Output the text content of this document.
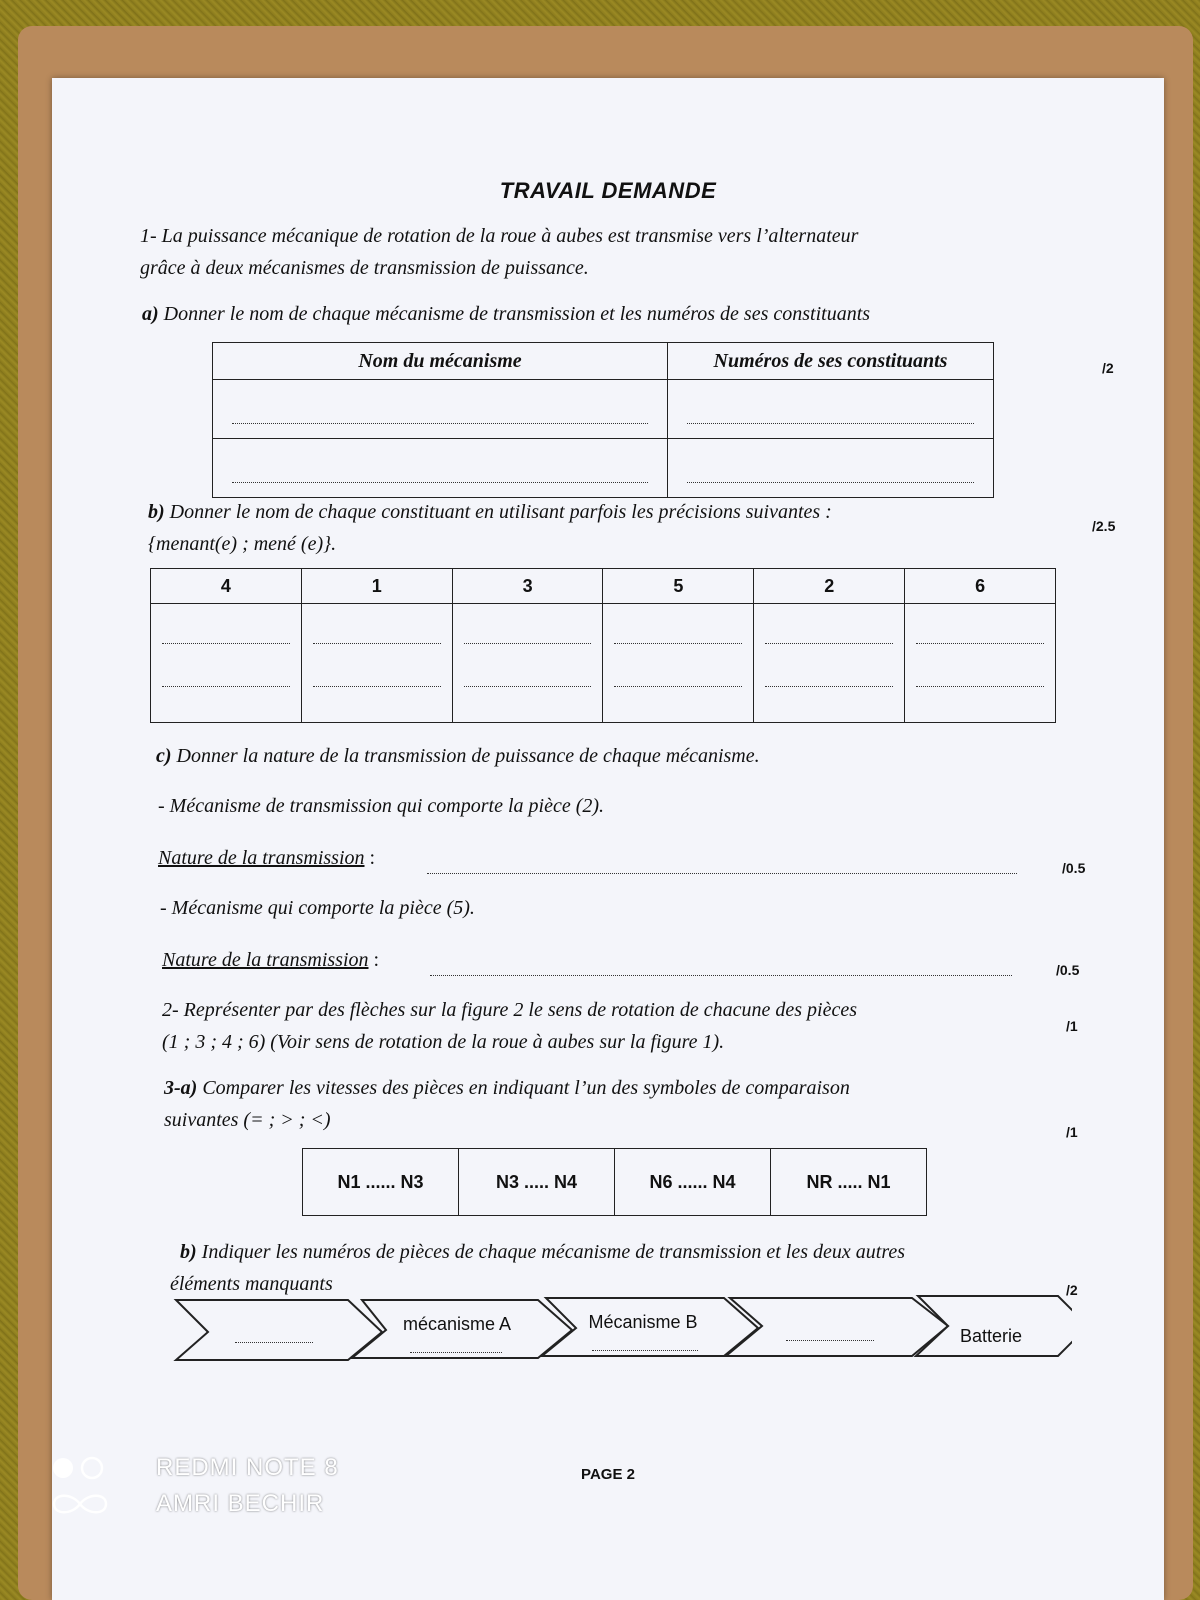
TRAVAIL DEMANDE
1- La puissance mécanique de rotation de la roue à aubes est transmise vers l’alternateur
grâce à deux mécanismes de transmission de puissance.
a) Donner le nom de chaque mécanisme de transmission et les numéros de ses constituants
/2
Nom du mécanisme	Numéros de ses constituants

b) Donner le nom de chaque constituant en utilisant parfois les précisions suivantes :
{menant(e) ; mené (e)}.
/2.5
4	1	3	5	2	6

c) Donner la nature de la transmission de puissance de chaque mécanisme.
- Mécanisme de transmission qui comporte la pièce (2).
Nature de la transmission :	/0.5
- Mécanisme qui comporte la pièce (5).
Nature de la transmission :	/0.5
2- Représenter par des flèches sur la figure 2 le sens de rotation de chacune des pièces
(1 ; 3 ; 4 ; 6) (Voir sens de rotation de la roue à aubes sur la figure 1).
/1
3-a) Comparer les vitesses des pièces en indiquant l’un des symboles de comparaison
suivantes (= ; > ; <)
/1
N1 ...... N3	N3 ..... N4	N6 ...... N4	NR ..... N1
b) Indiquer les numéros de pièces de chaque mécanisme de transmission et les deux autres
éléments manquants	/2
mécanisme A	Mécanisme B
Batterie
PAGE 2
REDMI NOTE 8
AMRI BECHIR
